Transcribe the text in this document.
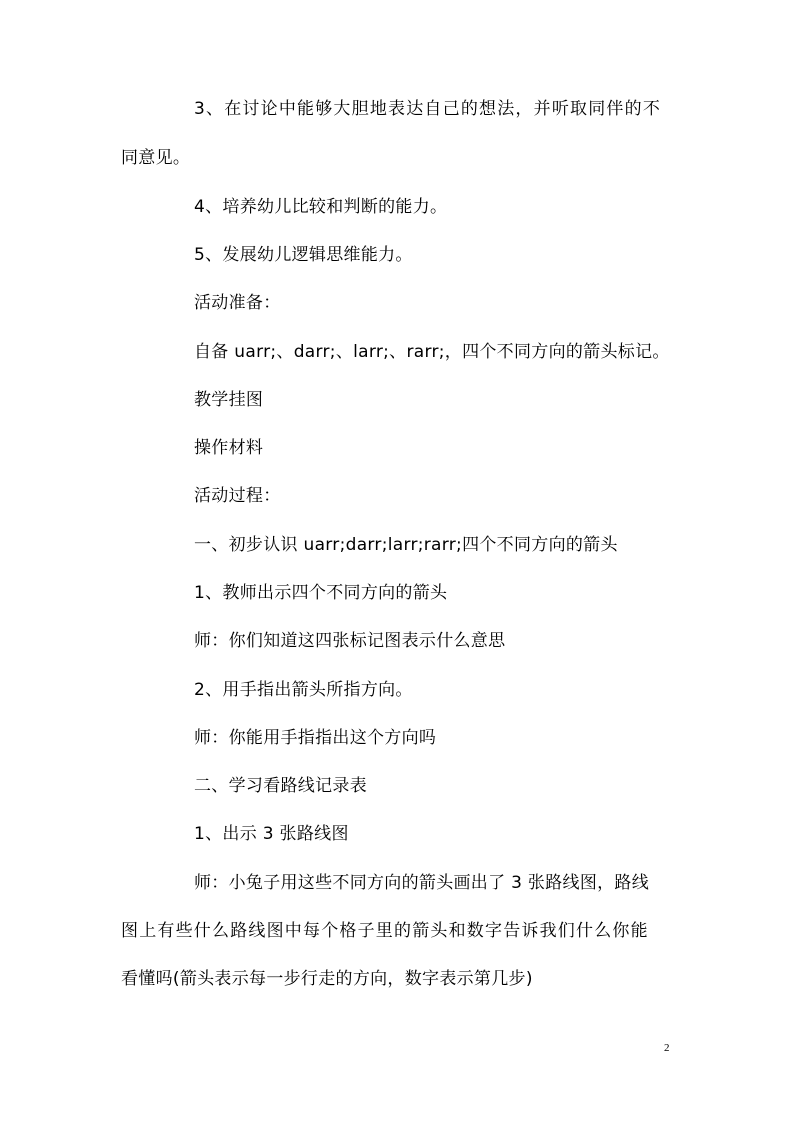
3、在讨论中能够大胆地表达自己的想法，并听取同伴的不
同意见。
4、培养幼儿比较和判断的能力。
5、发展幼儿逻辑思维能力。
活动准备：
自备 uarr;、darr;、larr;、rarr;，四个不同方向的箭头标记。
教学挂图
操作材料
活动过程：
一、初步认识 uarr;darr;larr;rarr;四个不同方向的箭头
1、教师出示四个不同方向的箭头
师：你们知道这四张标记图表示什么意思
2、用手指出箭头所指方向。
师：你能用手指指出这个方向吗
二、学习看路线记录表
1、出示 3 张路线图
师：小兔子用这些不同方向的箭头画出了 3 张路线图，路线
图上有些什么路线图中每个格子里的箭头和数字告诉我们什么你能
看懂吗(箭头表示每一步行走的方向，数字表示第几步)
2
